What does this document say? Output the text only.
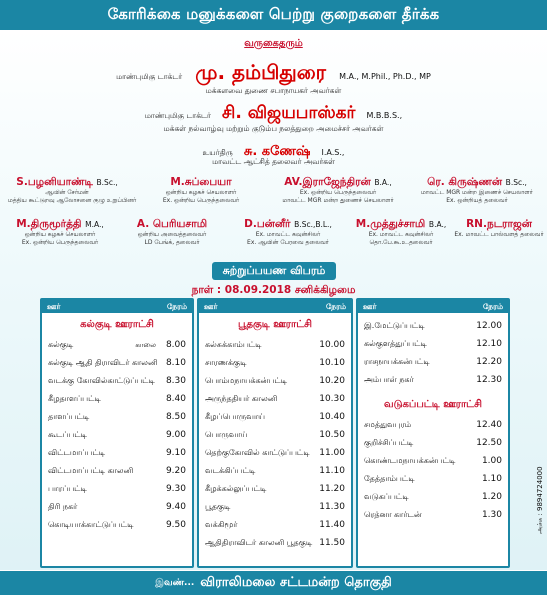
கோரிக்கை மனுக்களை பெற்று குறைகளை தீர்க்க
வருகைதரும்
மாண்புமிகு டாக்டர் மு. தம்பிதுரை M.A., M.Phil., Ph.D., MP
மக்களவை துணை சபாநாயகர் அவர்கள்
மாண்புமிகு டாக்டர் சி. விஜயபாஸ்கர் M.B.B.S.,
மக்கள் நல்வாழ்வு மற்றும் குடும்ப நலத்துறை அமைச்சர் அவர்கள்
உயர்திரு சு. கணேஷ் I.A.S.,
மாவட்ட ஆட்சித் தலைவர் அவர்கள்
S.பழனியாண்டி B.Sc.,
ஆவின் சேர்மன்
மத்திய கூட்டுறவு ஆலோசனை குழு உறுப்பினர்
M.சுப்பையா
ஒன்றிய கழகச் செயலாளர்
Ex. ஒன்றிய பெருந்தலைவர்
AV.இராஜேந்திரன் B.A.,
Ex. ஒன்றிய பெருந்தலைவர்
மாவட்ட MGR மன்ற துணைச் செயலாளர்
ரெ. கிருஷ்ணன் B.Sc.,
மாவட்ட MGR மன்ற இணைச் செயலாளர்
Ex. ஒன்றியத் தலைவர்
M.திருமூர்த்தி M.A.,
ஒன்றிய கழகச் செயலாளர்
Ex. ஒன்றிய பெருந்தலைவர்
A. பெரியசாமி
ஒன்றிய அவைத்தலைவர்
LD பேங்க், தலைவர்
D.பன்னீர் B.Sc.,B.L.,
Ex. மாவட்ட கவுன்சிலர்
Ex. ஆவின் பேரவை தலைவர்
M.முத்துச்சாமி B.A.,
Ex. மாவட்ட கவுன்சிலர்
தொ.பே.கூ.உ.தலைவர்
RN.நடராஜன்
Ex. மாவட்ட பால்வளத் தலைவர்
சுற்றுப்பயண விபரம்
நாள் : 08.09.2018 சனிக்கிழமை
ஊர்	நேரம்
கல்குடி ஊராட்சி
கல்குடி	காலை 8.00
கல்குடி ஆதி திராவிடர் காலனி 8.10
வடக்கு கோவில்காட்டுப்பட்டி 8.30
கீழதாளப்பட்டி	8.40
தாளப்பட்டி	8.50
கூடப்பட்டி	9.00
விட்டமாப்பட்டி	9.10
விட்டமாப்பட்டி காலனி	9.20
பாரப்பட்டி	9.30
திரி நகர்	9.40
கொடியாக்காட்டுப்பட்டி	9.50
ஊர்	நேரம்
பூதகுடி ஊராட்சி
கல்சுக்காம்பட்டி	10.00
சாரணக்குடி	10.10
பொம்மநாயக்கன்பட்டி	10.20
அருந்ததியர் காலனி	10.30
கீழப்பொருவாய்	10.40
பொருவாய்	10.50
தெற்குகோவில் காட்டுப்பட்டி 11.00
வடக்கிப்பட்டி	11.10
கீழக்கல்லுப்பட்டி	11.20
பூதகுடி	11.30
வக்கிமூர்	11.40
ஆதிதிராவிடர் காலனி பூதகுடி 11.50
ஊர்	நேரம்
இ.மேட்டுப்பட்டி	12.00
கல்குளத்துப்பட்டி	12.10
ராசநாயக்கன்பட்டி	12.20
அம்பாள் நகர்	12.30
வடுகப்பட்டி ஊராட்சி
சமத்துவபுரம்	12.40
குறிச்சிப்பட்டி	12.50
கொண்டமநாயக்கன்பட்டி	1.00
தேத்தாம்பட்டி	1.10
வடுகப்பட்டி	1.20
ரெத்னா கார்டன்	1.30	அச்சு : 9894724000
இவண்... விராலிமலை சட்டமன்ற தொகுதி
